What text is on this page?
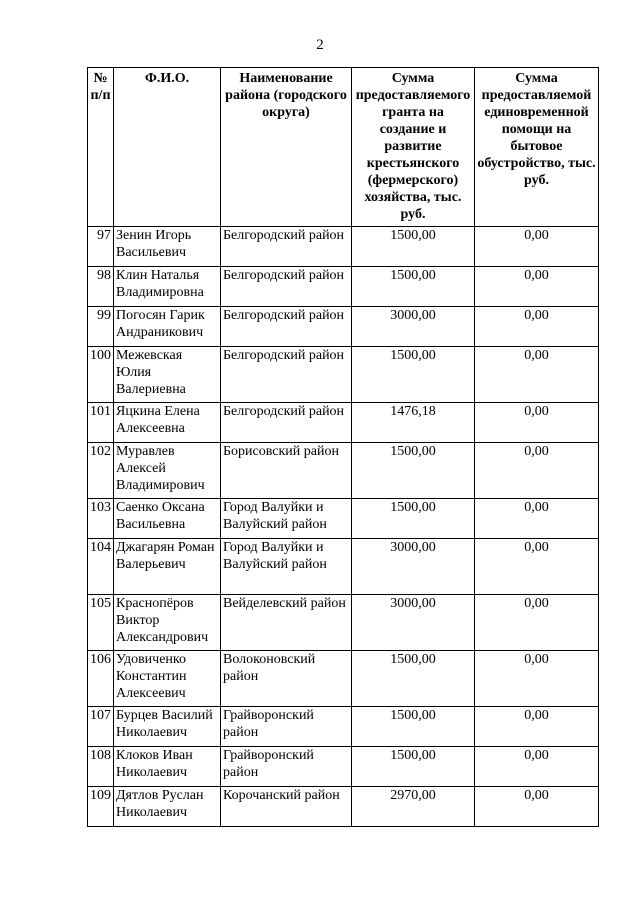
2
№ п/п	Ф.И.О.	Наименование района (городского округа)	Сумма предоставляемого гранта на создание и развитие крестьянского (фермерского) хозяйства, тыс. руб.	Сумма предоставляемой единовременной помощи на бытовое обустройство, тыс. руб.
97	Зенин Игорь Васильевич	Белгородский район	1500,00	0,00
98	Клин Наталья Владимировна	Белгородский район	1500,00	0,00
99	Погосян Гарик Андраникович	Белгородский район	3000,00	0,00
100	Межевская Юлия Валериевна	Белгородский район	1500,00	0,00
101	Яцкина Елена Алексеевна	Белгородский район	1476,18	0,00
102	Муравлев Алексей Владимирович	Борисовский район	1500,00	0,00
103	Саенко Оксана Васильевна	Город Валуйки и Валуйский район	1500,00	0,00
104	Джагарян Роман Валерьевич	Город Валуйки и Валуйский район	3000,00	0,00
105	Краснопёров Виктор Александрович	Вейделевский район	3000,00	0,00
106	Удовиченко Константин Алексеевич	Волоконовский район	1500,00	0,00
107	Бурцев Василий Николаевич	Грайворонский район	1500,00	0,00
108	Клоков Иван Николаевич	Грайворонский район	1500,00	0,00
109	Дятлов Руслан Николаевич	Корочанский район	2970,00	0,00
